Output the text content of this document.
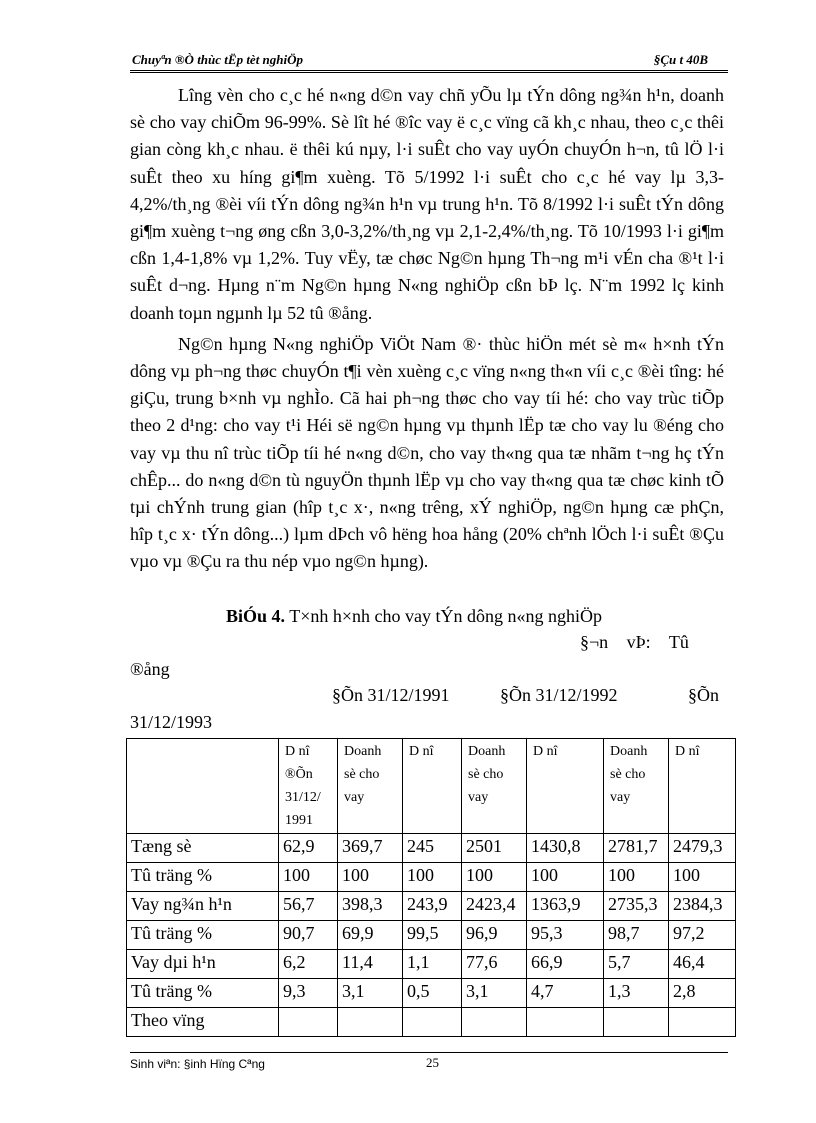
Chuyªn ®Ò thùc tËp tèt nghiÖp	§Çu t 40B

Lîng vèn cho c¸c hé n«ng d©n vay chñ yÕu lµ tÝn dông ng¾n h¹n, doanh sè cho vay chiÕm 96-99%. Sè lît hé ®îc vay ë c¸c vïng cã kh¸c nhau, theo c¸c thêi gian còng kh¸c nhau. ë thêi kú nµy, l·i suÊt cho vay uyÓn chuyÓn h¬n, tû lÖ l·i suÊt theo xu híng gi¶m xuèng. Tõ 5/1992 l·i suÊt cho c¸c hé vay lµ 3,3-4,2%/th¸ng ®èi víi tÝn dông ng¾n h¹n vµ trung h¹n. Tõ 8/1992 l·i suÊt tÝn dông gi¶m xuèng t¬ng øng cßn 3,0-3,2%/th¸ng vµ 2,1-2,4%/th¸ng. Tõ 10/1993 l·i gi¶m cßn 1,4-1,8% vµ 1,2%. Tuy vËy, tæ chøc Ng©n hµng Th¬ng m¹i vÉn cha ®¹t l·i suÊt d¬ng. Hµng n¨m Ng©n hµng N«ng nghiÖp cßn bÞ lç. N¨m 1992 lç kinh doanh toµn ngµnh lµ 52 tû ®ång.

Ng©n hµng N«ng nghiÖp ViÖt Nam ®· thùc hiÖn mét sè m« h×nh tÝn dông vµ ph¬ng thøc chuyÓn t¶i vèn xuèng c¸c vïng n«ng th«n víi c¸c ®èi tîng: hé giÇu, trung b×nh vµ nghÌo. Cã hai ph¬ng thøc cho vay tíi hé: cho vay trùc tiÕp theo 2 d¹ng: cho vay t¹i Héi së ng©n hµng vµ thµnh lËp tæ cho vay lu ®éng cho vay vµ thu nî trùc tiÕp tíi hé n«ng d©n, cho vay th«ng qua tæ nhãm t¬ng hç tÝn chÊp... do n«ng d©n tù nguyÖn thµnh lËp vµ cho vay th«ng qua tæ chøc kinh tÕ tµi chÝnh trung gian (hîp t¸c x·, n«ng trêng, xÝ nghiÖp, ng©n hµng cæ phÇn, hîp t¸c x· tÝn dông...) lµm dÞch vô hëng hoa hång (20% chªnh lÖch l·i suÊt ®Çu vµo vµ ®Çu ra thu nép vµo ng©n hµng).

BiÓu 4. T×nh h×nh cho vay tÝn dông n«ng nghiÖp
§¬n vÞ: Tû
®ång
§Õn 31/12/1991	§Õn 31/12/1992	§Õn
31/12/1993
	D nî ®Õn 31/12/ 1991	Doanh sè cho vay	D nî	Doanh sè cho vay	D nî	Doanh sè cho vay	D nî
Tæng sè	62,9	369,7	245	2501	1430,8	2781,7	2479,3
Tû träng %	100	100	100	100	100	100	100
Vay ng¾n h¹n	56,7	398,3	243,9	2423,4	1363,9	2735,3	2384,3
Tû träng %	90,7	69,9	99,5	96,9	95,3	98,7	97,2
Vay dµi h¹n	6,2	11,4	1,1	77,6	66,9	5,7	46,4
Tû träng %	9,3	3,1	0,5	3,1	4,7	1,3	2,8
Theo vïng							
Sinh viªn: §inh Hïng Cªng	25
